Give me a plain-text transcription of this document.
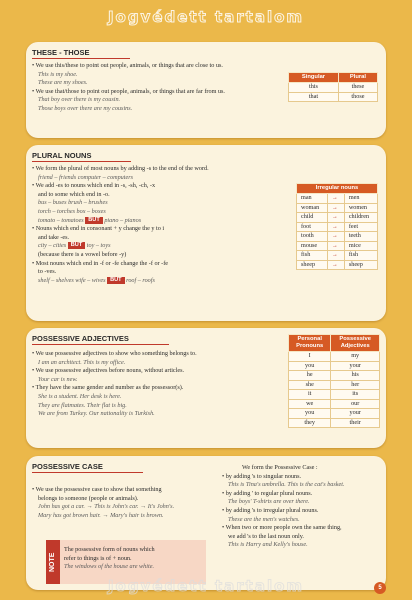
Jogvédett tartalom
THESE - THOSE

• We use this/these to point out people, animals, or things that are close to us.

This is my shoe.

These are my shoes.

• We use that/those to point out people, animals, or things that are far from us.

That boy over there is my cousin.

Those boys over there are my cousins.

Singular	Plural
this	these
that	those
PLURAL NOUNS

• We form the plural of most nouns by adding -s to the end of the word.

friend – friends computer – computers

• We add -es to nouns which end in -s, -sh, -ch, -x

and to some which end in -o.

bus – buses brush – brushes

torch – torches box – boxes

tomato – tomatoes BUT piano – pianos

• Nouns which end in consonant + y change the y to i

and take -es.

city – cities BUT toy – toys

(because there is a vowel before -y)

• Most nouns which end in -f or -fe change the -f or -fe

to -ves.

shelf – shelves wife – wives BUT roof – roofs

Irregular nouns		
man	→	men
woman	→	women
child	→	children
foot	→	feet
tooth	→	teeth
mouse	→	mice
fish	→	fish
sheep	→	sheep
POSSESSIVE ADJECTIVES

• We use possessive adjectives to show who something belongs to.

I am an architect. This is my office.

• We use possessive adjectives before nouns, without articles.

Your car is new.

• They have the same gender and number as the possessor(s).

She is a student. Her desk is here.

They are flatmates. Their flat is big.

We are from Turkey. Our nationality is Turkish.

Personal Pronouns	Possessive Adjectives
I	my
you	your
he	his
she	her
it	its
we	our
you	your
they	their
POSSESSIVE CASE

• We use the possessive case to show that something

belongs to someone (people or animals).

John has got a car. → This is John's car. → It's John's.

Mary has got brown hair. → Mary's hair is brown.

NOTE

The possessive form of nouns which

refer to things is of + noun.

The windows of the house are white.

We form the Possessive Case :

• by adding 's to singular nouns.

This is Tina's umbrella. This is the cat's basket.

• by adding ' to regular plural nouns.

The boys' T-shirts are over there.

• by adding 's to irregular plural nouns.

These are the men's watches.

• When two or more people own the same thing,

we add 's to the last noun only.

This is Harry and Kelly's house.

Jogvédett tartalom	5
